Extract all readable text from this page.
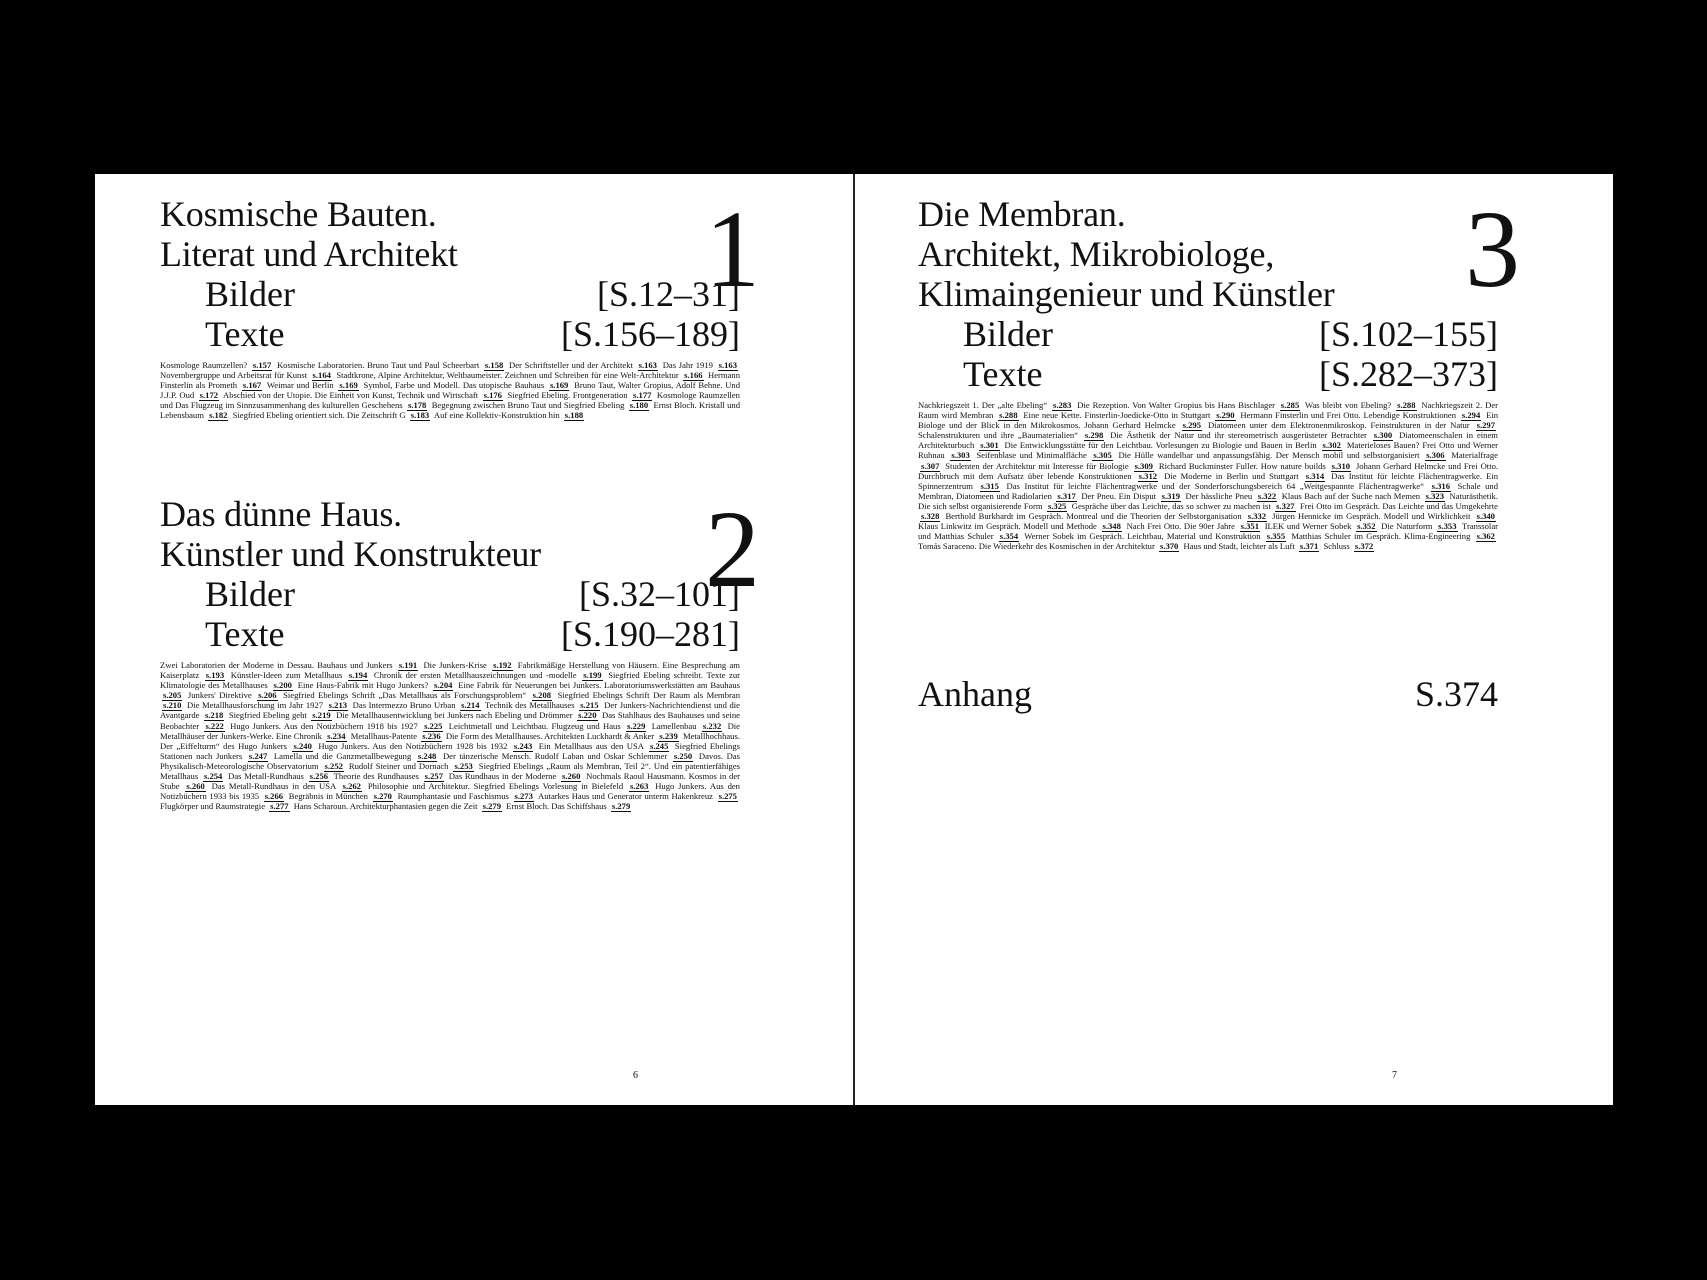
Kosmische Bauten.
Literat und Architekt
Bilder	[S.12–31]
Texte	[S.156–189]
Kosmologe Raumzellen? s.157 Kosmische Laboratorien. Bruno Taut und Paul Scheerbart s.158 Der Schriftsteller und der Architekt s.163 Das Jahr 1919 s.163 Novembergruppe und Arbeitsrat für Kunst s.164 Stadtkrone, Alpine Architektur, Weltbaumeister. Zeichnen und Schreiben für eine Welt-Architektur s.166 Hermann Finsterlin als Prometh s.167 Weimar und Berlin s.169 Symbol, Farbe und Modell. Das utopische Bauhaus s.169 Bruno Taut, Walter Gropius, Adolf Behne. Und J.J.P. Oud s.172 Abschied von der Utopie. Die Einheit von Kunst, Technik und Wirtschaft s.176 Siegfried Ebeling. Frontgeneration s.177 Kosmologe Raumzellen und Das Flugzeug im Sinnzusammenhang des kulturellen Geschehens s.178 Begegnung zwischen Bruno Taut und Siegfried Ebeling s.180 Ernst Bloch. Kristall und Lebensbaum s.182 Siegfried Ebeling orientiert sich. Die Zeitschrift G s.183 Auf eine Kollektiv-Konstruktion hin s.188
1
Das dünne Haus.
Künstler und Konstrukteur
Bilder	[S.32–101]
Texte	[S.190–281]
Zwei Laboratorien der Moderne in Dessau. Bauhaus und Junkers s.191 Die Junkers-Krise s.192 Fabrikmäßige Herstellung von Häusern. Eine Besprechung am Kaiserplatz s.193 Künstler-Ideen zum Metallhaus s.194 Chronik der ersten Metallhauszeichnungen und -modelle s.199 Siegfried Ebeling schreibt. Texte zur Klimatologie des Metallhauses s.200 Eine Haus-Fabrik mit Hugo Junkers? s.204 Eine Fabrik für Neuerungen bei Junkers. Laboratoriumswerkstätten am Bauhaus s.205 Junkers' Direktive s.206 Siegfried Ebelings Schrift „Das Metallhaus als Forschungsproblem“ s.208 Siegfried Ebelings Schrift Der Raum als Membran s.210 Die Metallhausforschung im Jahr 1927 s.213 Das Intermezzo Bruno Urban s.214 Technik des Metallhauses s.215 Der Junkers-Nachrichtendienst und die Avantgarde s.218 Siegfried Ebeling geht s.219 Die Metallhausentwicklung bei Junkers nach Ebeling und Drömmer s.220 Das Stahlhaus des Bauhauses und seine Beobachter s.222 Hugo Junkers. Aus den Notizbüchern 1918 bis 1927 s.225 Leichtmetall und Leichtbau. Flugzeug und Haus s.229 Lamellenbau s.232 Die Metallhäuser der Junkers-Werke. Eine Chronik s.234 Metallhaus-Patente s.236 Die Form des Metallhauses. Architekten Luckhardt & Anker s.239 Metallhochhaus. Der „Eiffelturm“ des Hugo Junkers s.240 Hugo Junkers. Aus den Notizbüchern 1928 bis 1932 s.243 Ein Metallhaus aus den USA s.245 Siegfried Ebelings Stationen nach Junkers s.247 Lamella und die Ganzmetallbewegung s.248 Der tänzerische Mensch. Rudolf Laban und Oskar Schlemmer s.250 Davos. Das Physikalisch-Meteorologische Observatorium s.252 Rudolf Steiner und Dornach s.253 Siegfried Ebelings „Raum als Membran, Teil 2“. Und ein patentierfähiges Metallhaus s.254 Das Metall-Rundhaus s.256 Theorie des Rundhauses s.257 Das Rundhaus in der Moderne s.260 Nochmals Raoul Hausmann. Kosmos in der Stube s.260 Das Metall-Rundhaus in den USA s.262 Philosophie und Architektur. Siegfried Ebelings Vorlesung in Bielefeld s.263 Hugo Junkers. Aus den Notizbüchern 1933 bis 1935 s.266 Begräbnis in München s.270 Raumphantasie und Faschismus s.273 Autarkes Haus und Generator unterm Hakenkreuz s.275 Flugkörper und Raumstrategie s.277 Hans Scharoun. Architekturphantasien gegen die Zeit s.279 Ernst Bloch. Das Schiffshaus s.279
2
6
Die Membran.
Architekt, Mikrobiologe,
Klimaingenieur und Künstler
Bilder	[S.102–155]
Texte	[S.282–373]
Nachkriegszeit 1. Der „alte Ebeling“ s.283 Die Rezeption. Von Walter Gropius bis Hans Bischlager s.285 Was bleibt von Ebeling? s.288 Nachkriegszeit 2. Der Raum wird Membran s.288 Eine neue Kette. Finsterlin-Joedicke-Otto in Stuttgart s.290 Hermann Finsterlin und Frei Otto. Lebendige Konstruktionen s.294 Ein Biologe und der Blick in den Mikrokosmos. Johann Gerhard Helmcke s.295 Diatomeen unter dem Elektronenmikroskop. Feinstrukturen in der Natur s.297 Schalenstrukturen und ihre „Baumaterialien“ s.298 Die Ästhetik der Natur und ihr stereometrisch ausgerüsteter Betrachter s.300 Diatomeenschalen in einem Architekturbuch s.301 Die Entwicklungsstätte für den Leichtbau. Vorlesungen zu Biologie und Bauen in Berlin s.302 Materieloses Bauen? Frei Otto und Werner Ruhnau s.303 Seifenblase und Minimalfläche s.305 Die Hülle wandelbar und anpassungsfähig. Der Mensch mobil und selbstorganisiert s.306 Materialfrage s.307 Studenten der Architektur mit Interesse für Biologie s.309 Richard Buckminster Fuller. How nature builds s.310 Johann Gerhard Helmcke und Frei Otto. Durchbruch mit dem Aufsatz über lebende Konstruktionen s.312 Die Moderne in Berlin und Stuttgart s.314 Das Institut für leichte Flächentragwerke. Ein Spinnerzentrum s.315 Das Institut für leichte Flächentragwerke und der Sonderforschungsbereich 64 „Weitgespannte Flächentragwerke“ s.316 Schale und Membran, Diatomeen und Radiolarien s.317 Der Pneu. Ein Disput s.319 Der hässliche Pneu s.322 Klaus Bach auf der Suche nach Memen s.323 Naturästhetik. Die sich selbst organisierende Form s.325 Gespräche über das Leichte, das so schwer zu machen ist s.327 Frei Otto im Gespräch. Das Leichte und das Umgekehrte s.328 Berthold Burkhardt im Gespräch. Montreal und die Theorien der Selbstorganisation s.332 Jürgen Hennicke im Gespräch. Modell und Wirklichkeit s.340 Klaus Linkwitz im Gespräch. Modell und Methode s.348 Nach Frei Otto. Die 90er Jahre s.351 ILEK und Werner Sobek s.352 Die Naturform s.353 Transsolar und Matthias Schuler s.354 Werner Sobek im Gespräch. Leichtbau, Material und Konstruktion s.355 Matthias Schuler im Gespräch. Klima-Engineering s.362 Tomás Saraceno. Die Wiederkehr des Kosmischen in der Architektur s.370 Haus und Stadt, leichter als Luft s.371 Schluss s.372
3
Anhang	S.374
7
